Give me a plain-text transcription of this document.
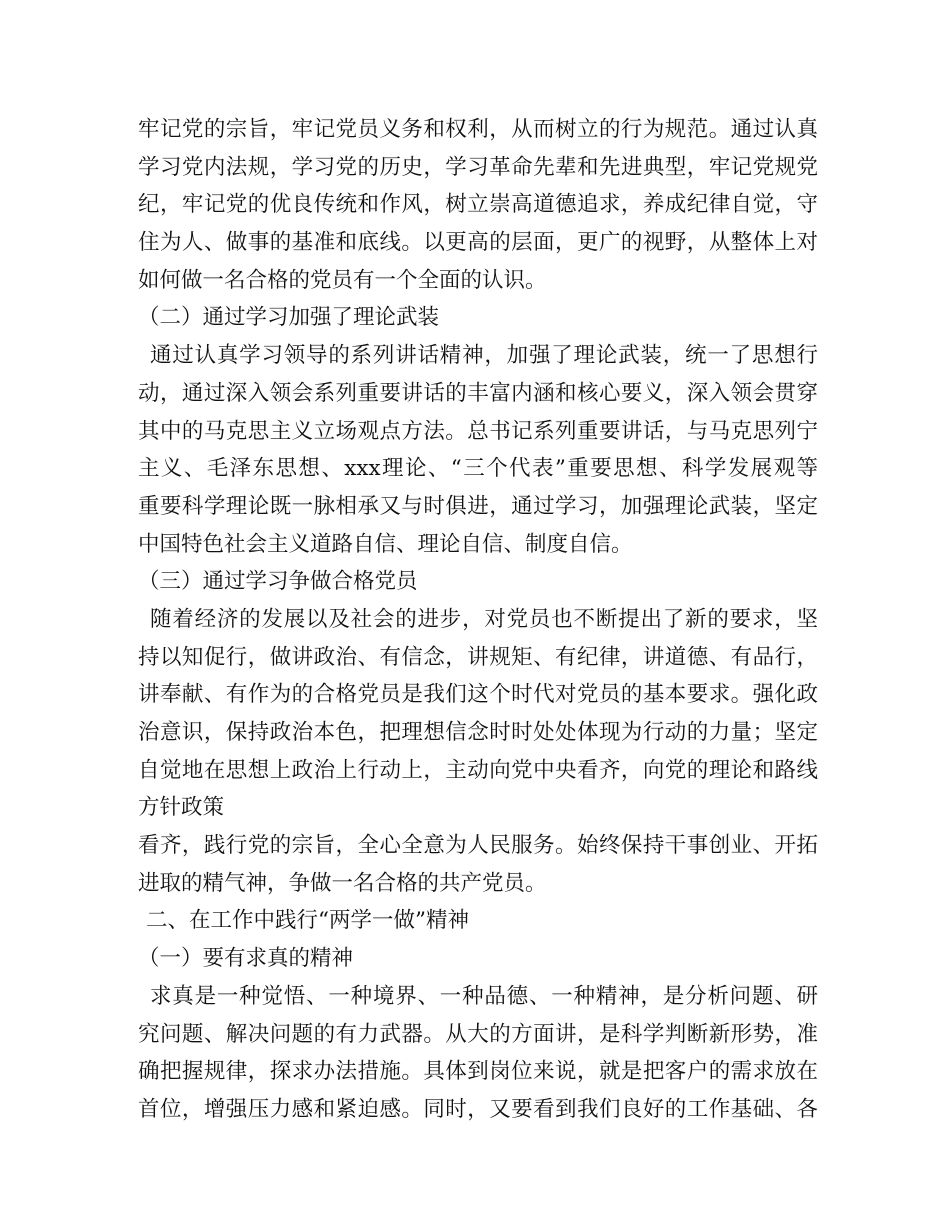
牢记党的宗旨，牢记党员义务和权利，从而树立的行为规范。通过认真
学习党内法规，学习党的历史，学习革命先辈和先进典型，牢记党规党
纪，牢记党的优良传统和作风，树立崇高道德追求，养成纪律自觉，守
住为人、做事的基准和底线。以更高的层面，更广的视野，从整体上对
如何做一名合格的党员有一个全面的认识。
（二）通过学习加强了理论武装
通过认真学习领导的系列讲话精神，加强了理论武装，统一了思想行
动，通过深入领会系列重要讲话的丰富内涵和核心要义，深入领会贯穿
其中的马克思主义立场观点方法。总书记系列重要讲话，与马克思列宁
主义、毛泽东思想、xxx理论、“三个代表”重要思想、科学发展观等
重要科学理论既一脉相承又与时俱进，通过学习，加强理论武装，坚定
中国特色社会主义道路自信、理论自信、制度自信。
（三）通过学习争做合格党员
随着经济的发展以及社会的进步，对党员也不断提出了新的要求，坚
持以知促行，做讲政治、有信念，讲规矩、有纪律，讲道德、有品行，
讲奉献、有作为的合格党员是我们这个时代对党员的基本要求。强化政
治意识，保持政治本色，把理想信念时时处处体现为行动的力量；坚定
自觉地在思想上政治上行动上，主动向党中央看齐，向党的理论和路线
方针政策
看齐，践行党的宗旨，全心全意为人民服务。始终保持干事创业、开拓
进取的精气神，争做一名合格的共产党员。
二、在工作中践行“两学一做”精神
（一）要有求真的精神
求真是一种觉悟、一种境界、一种品德、一种精神，是分析问题、研
究问题、解决问题的有力武器。从大的方面讲，是科学判断新形势，准
确把握规律，探求办法措施。具体到岗位来说，就是把客户的需求放在
首位，增强压力感和紧迫感。同时，又要看到我们良好的工作基础、各
